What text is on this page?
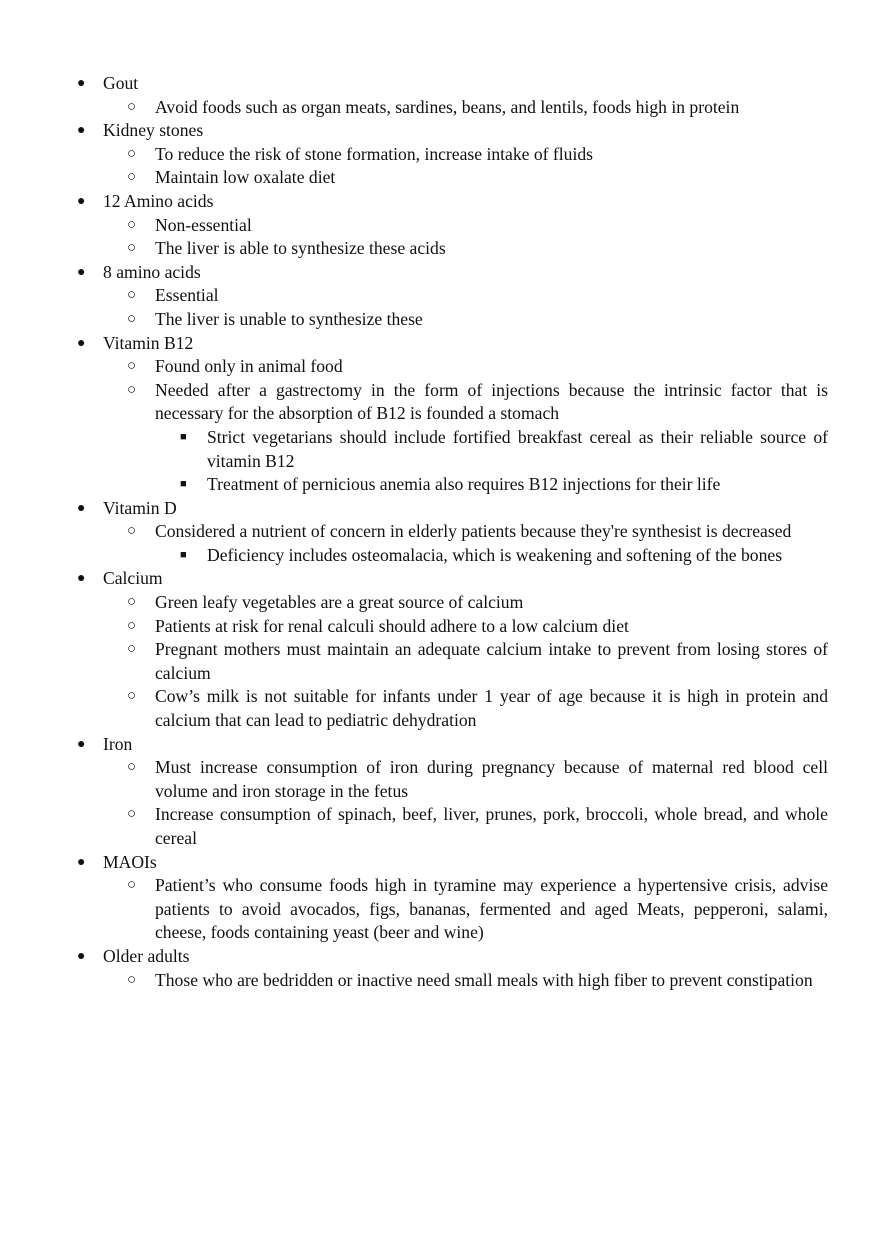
● Gout
○ Avoid foods such as organ meats, sardines, beans, and lentils, foods high in protein
● Kidney stones
○ To reduce the risk of stone formation, increase intake of fluids
○ Maintain low oxalate diet
● 12 Amino acids
○ Non-essential
○ The liver is able to synthesize these acids
● 8 amino acids
○ Essential
○ The liver is unable to synthesize these
● Vitamin B12
○ Found only in animal food
○ Needed after a gastrectomy in the form of injections because the intrinsic factor that is necessary for the absorption of B12 is founded a stomach
■ Strict vegetarians should include fortified breakfast cereal as their reliable source of vitamin B12
■ Treatment of pernicious anemia also requires B12 injections for their life
● Vitamin D
○ Considered a nutrient of concern in elderly patients because they're synthesist is decreased
■ Deficiency includes osteomalacia, which is weakening and softening of the bones
● Calcium
○ Green leafy vegetables are a great source of calcium
○ Patients at risk for renal calculi should adhere to a low calcium diet
○ Pregnant mothers must maintain an adequate calcium intake to prevent from losing stores of calcium
○ Cow’s milk is not suitable for infants under 1 year of age because it is high in protein and calcium that can lead to pediatric dehydration
● Iron
○ Must increase consumption of iron during pregnancy because of maternal red blood cell volume and iron storage in the fetus
○ Increase consumption of spinach, beef, liver, prunes, pork, broccoli, whole bread, and whole cereal
● MAOIs
○ Patient’s who consume foods high in tyramine may experience a hypertensive crisis, advise patients to avoid avocados, figs, bananas, fermented and aged Meats, pepperoni, salami, cheese, foods containing yeast (beer and wine)
● Older adults
○ Those who are bedridden or inactive need small meals with high fiber to prevent constipation
